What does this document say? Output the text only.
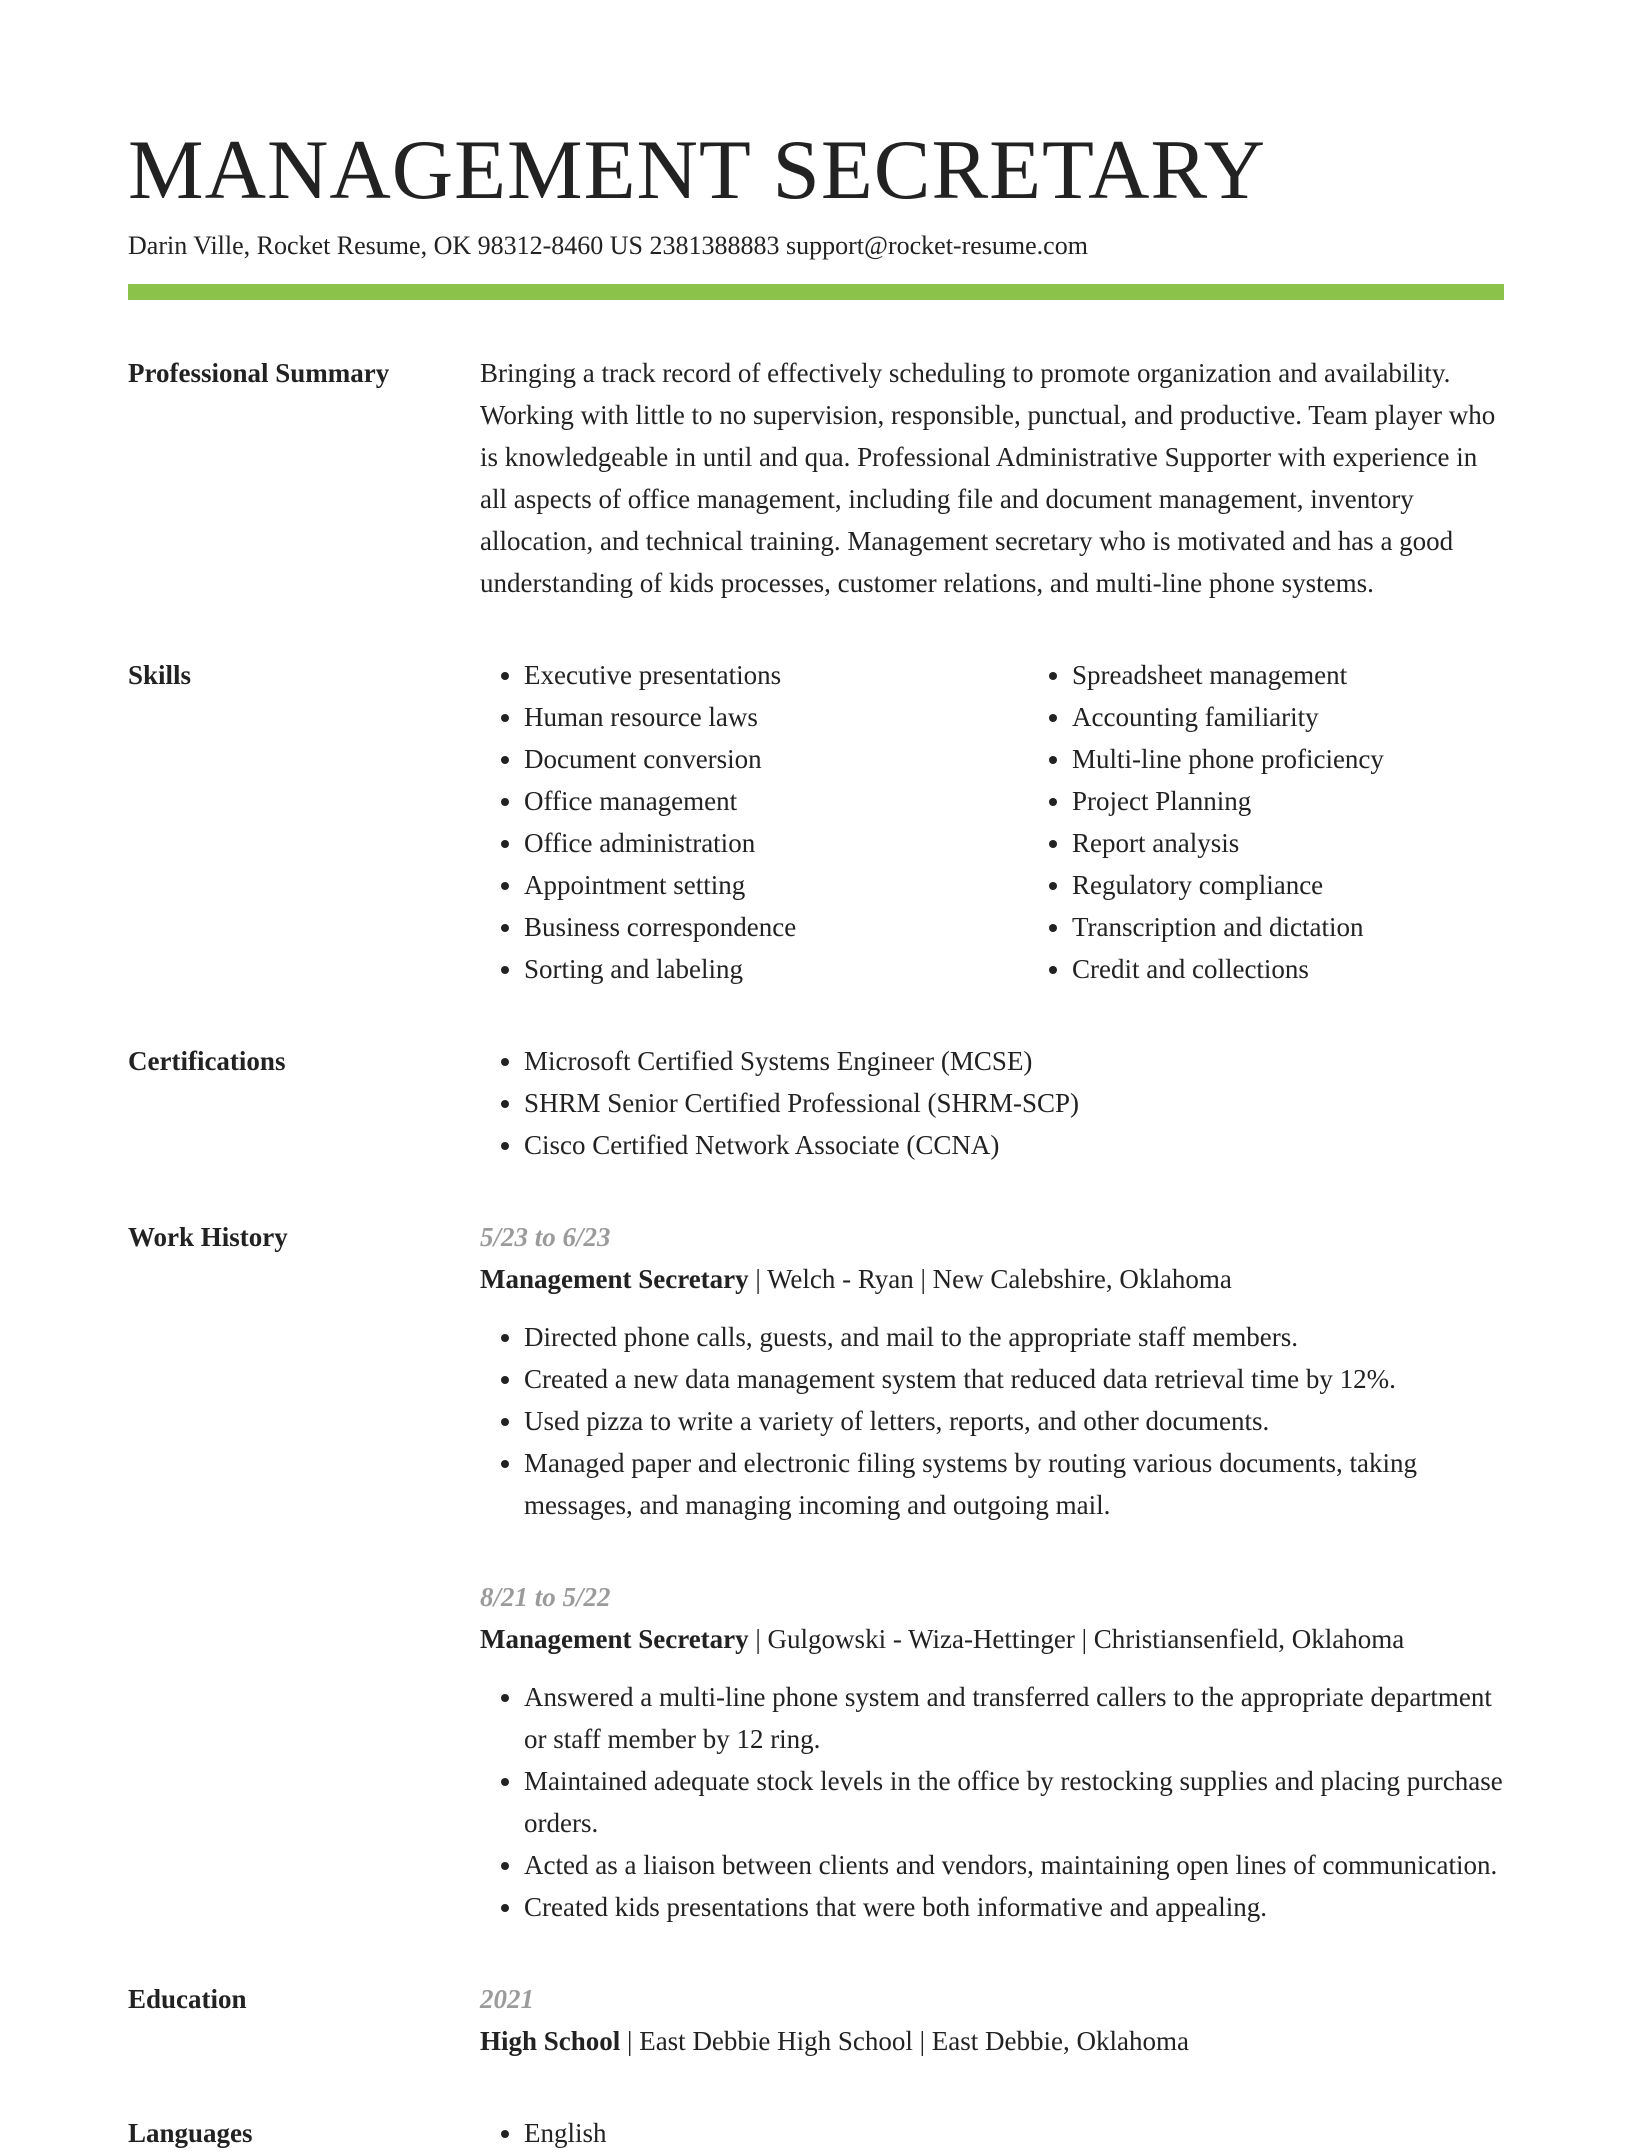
MANAGEMENT SECRETARY
Darin Ville, Rocket Resume, OK 98312-8460 US 2381388883 support@rocket-resume.com
Professional Summary	Bringing a track record of effectively scheduling to promote organization and availability. Working with little to no supervision, responsible, punctual, and productive. Team player who is knowledgeable in until and qua. Professional Administrative Supporter with experience in all aspects of office management, including file and document management, inventory allocation, and technical training. Management secretary who is motivated and has a good understanding of kids processes, customer relations, and multi-line phone systems.

Skills	• Executive presentations
• Human resource laws
• Document conversion
• Office management
• Office administration
• Appointment setting
• Business correspondence
• Sorting and labeling
• Spreadsheet management
• Accounting familiarity
• Multi-line phone proficiency
• Project Planning
• Report analysis
• Regulatory compliance
• Transcription and dictation
• Credit and collections
Certifications	• Microsoft Certified Systems Engineer (MCSE)
• SHRM Senior Certified Professional (SHRM-SCP)
• Cisco Certified Network Associate (CCNA)
Work History	5/23 to 6/23
Management Secretary | Welch - Ryan | New Calebshire, Oklahoma
• Directed phone calls, guests, and mail to the appropriate staff members.
• Created a new data management system that reduced data retrieval time by 12%.
• Used pizza to write a variety of letters, reports, and other documents.
• Managed paper and electronic filing systems by routing various documents, taking messages, and managing incoming and outgoing mail.
8/21 to 5/22
Management Secretary | Gulgowski - Wiza-Hettinger | Christiansenfield, Oklahoma
• Answered a multi-line phone system and transferred callers to the appropriate department or staff member by 12 ring.
• Maintained adequate stock levels in the office by restocking supplies and placing purchase orders.
• Acted as a liaison between clients and vendors, maintaining open lines of communication.
• Created kids presentations that were both informative and appealing.
Education	2021
High School | East Debbie High School | East Debbie, Oklahoma
Languages	• English
